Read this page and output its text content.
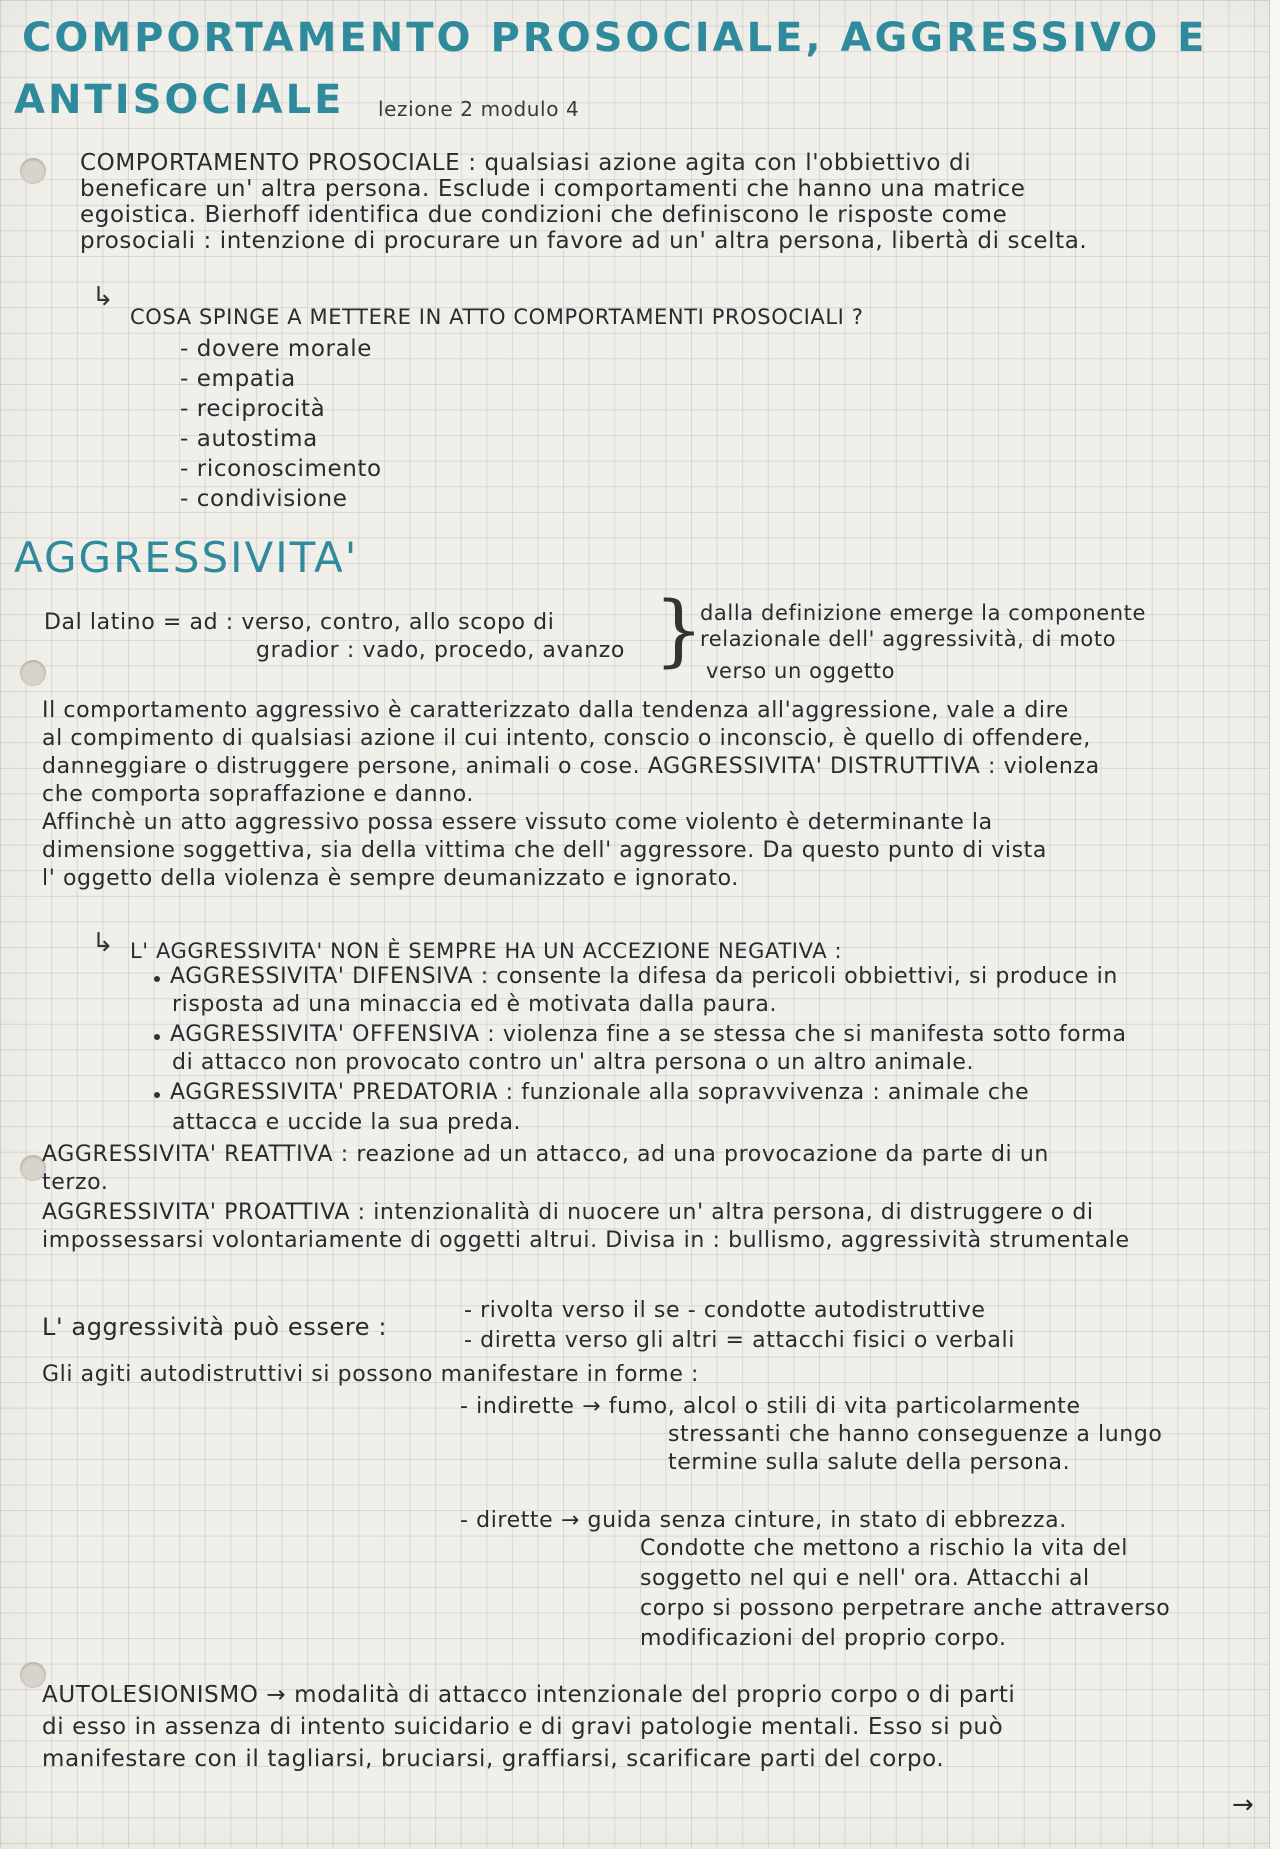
COMPORTAMENTO PROSOCIALE, AGGRESSIVO E
ANTISOCIALE lezione 2 modulo 4
COMPORTAMENTO PROSOCIALE : qualsiasi azione agita con l'obbiettivo di
beneficare un' altra persona. Esclude i comportamenti che hanno una matrice
egoistica. Bierhoff identifica due condizioni che definiscono le risposte come
prosociali : intenzione di procurare un favore ad un' altra persona, libertà di scelta.
↳
COSA SPINGE A METTERE IN ATTO COMPORTAMENTI PROSOCIALI ?
- dovere morale
- empatia
- reciprocità
- autostima
- riconoscimento
- condivisione
AGGRESSIVITA'
Dal latino = ad : verso, contro, allo scopo di
gradior : vado, procedo, avanzo }
dalla definizione emerge la componente
relazionale dell' aggressività, di moto
verso un oggetto
Il comportamento aggressivo è caratterizzato dalla tendenza all'aggressione, vale a dire
al compimento di qualsiasi azione il cui intento, conscio o inconscio, è quello di offendere,
danneggiare o distruggere persone, animali o cose. AGGRESSIVITA' DISTRUTTIVA : violenza
che comporta sopraffazione e danno.
Affinchè un atto aggressivo possa essere vissuto come violento è determinante la
dimensione soggettiva, sia della vittima che dell' aggressore. Da questo punto di vista
l' oggetto della violenza è sempre deumanizzato e ignorato.
↳ L' AGGRESSIVITA' NON È SEMPRE HA UN ACCEZIONE NEGATIVA :
AGGRESSIVITA' DIFENSIVA : consente la difesa da pericoli obbiettivi, si produce in
risposta ad una minaccia ed è motivata dalla paura.
AGGRESSIVITA' OFFENSIVA : violenza fine a se stessa che si manifesta sotto forma
di attacco non provocato contro un' altra persona o un altro animale.
AGGRESSIVITA' PREDATORIA : funzionale alla sopravvivenza : animale che
attacca e uccide la sua preda.
AGGRESSIVITA' REATTIVA : reazione ad un attacco, ad una provocazione da parte di un
terzo.
AGGRESSIVITA' PROATTIVA : intenzionalità di nuocere un' altra persona, di distruggere o di
impossessarsi volontariamente di oggetti altrui. Divisa in : bullismo, aggressività strumentale
L' aggressività può essere :
- rivolta verso il se - condotte autodistruttive
- diretta verso gli altri = attacchi fisici o verbali
Gli agiti autodistruttivi si possono manifestare in forme :
- indirette → fumo, alcol o stili di vita particolarmente
stressanti che hanno conseguenze a lungo
termine sulla salute della persona.
- dirette → guida senza cinture, in stato di ebbrezza.
Condotte che mettono a rischio la vita del
soggetto nel qui e nell' ora. Attacchi al
corpo si possono perpetrare anche attraverso
modificazioni del proprio corpo.
AUTOLESIONISMO → modalità di attacco intenzionale del proprio corpo o di parti
di esso in assenza di intento suicidario e di gravi patologie mentali. Esso si può
manifestare con il tagliarsi, bruciarsi, graffiarsi, scarificare parti del corpo.
→
